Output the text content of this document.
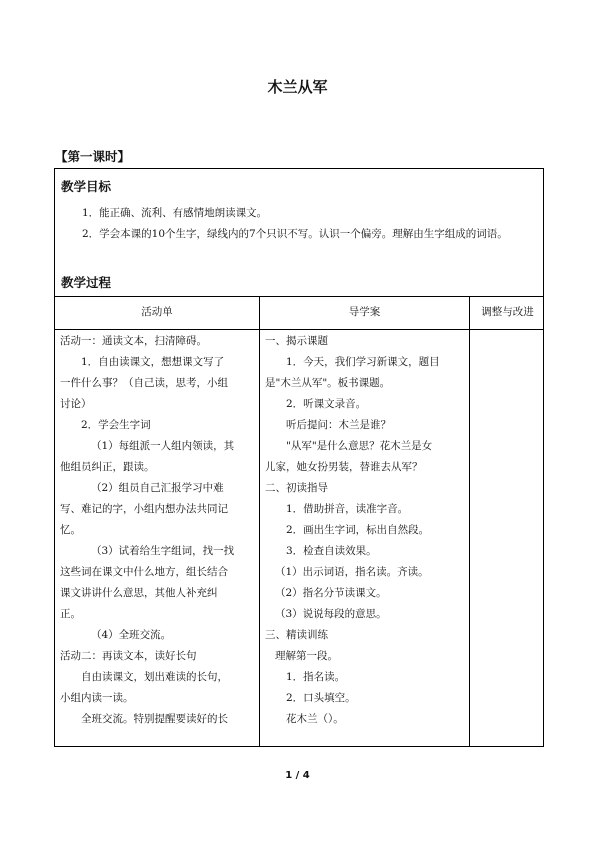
木兰从军
【第一课时】
教学目标

1．能正确、流利、有感情地朗读课文。

2．学会本课的10个生字，绿线内的7个只识不写。认识一个偏旁。理解由生字组成的词语。

教学过程
活动单	导学案	调整与改进
活动一：通读文本，扫清障碍。
1．自由读课文，想想课文写了
一件什么事？（自己读，思考，小组
讨论）
2．学会生字词
（1）每组派一人组内领读，其
他组员纠正，跟读。
（2）组员自己汇报学习中难
写、难记的字，小组内想办法共同记
忆。
（3）试着给生字组词，找一找
这些词在课文中什么地方，组长结合
课文讲讲什么意思，其他人补充纠
正。
（4）全班交流。
活动二：再读文本，读好长句
自由读课文，划出难读的长句，
小组内读一读。
全班交流。特别提醒要读好的长
一、揭示课题
1．今天，我们学习新课文，题目
是"木兰从军"。板书课题。
2．听课文录音。
听后提问：木兰是谁？
"从军"是什么意思？花木兰是女
儿家，她女扮男装，替谁去从军？
二、初读指导
1．借助拼音，读准字音。
2．画出生字词，标出自然段。
3．检查自读效果。
（1）出示词语，指名读。齐读。
（2）指名分节读课文。
（3）说说每段的意思。
三、精读训练
理解第一段。
1．指名读。
2．口头填空。
花木兰（）。
1 / 4
